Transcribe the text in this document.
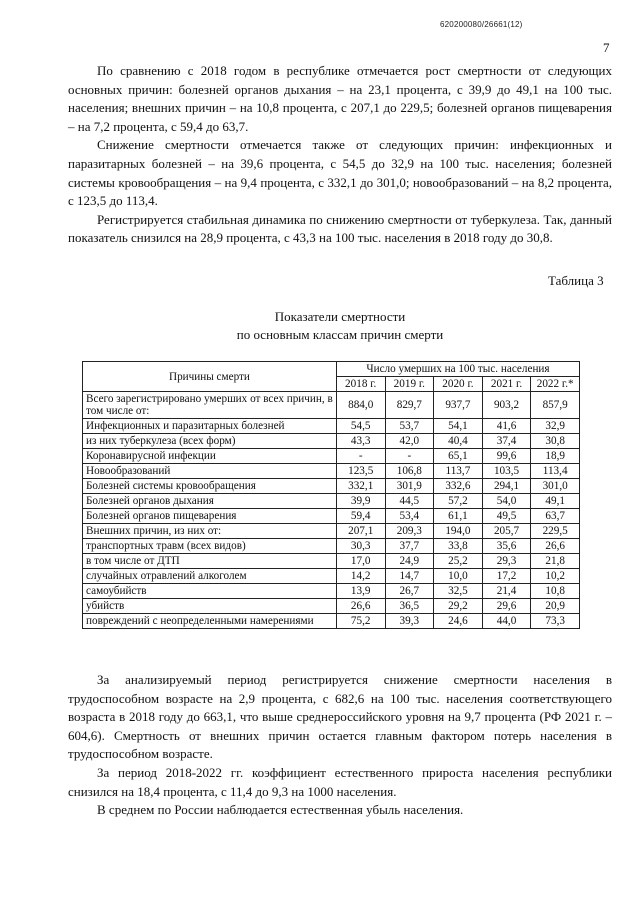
620200080/26661(12)
7

По сравнению с 2018 годом в республике отмечается рост смертности от следующих основных причин: болезней органов дыхания – на 23,1 процента, с 39,9 до 49,1 на 100 тыс. населения; внешних причин – на 10,8 процента, с 207,1 до 229,5; болезней органов пищеварения – на 7,2 процента, с 59,4 до 63,7.

Снижение смертности отмечается также от следующих причин: инфекционных и паразитарных болезней – на 39,6 процента, с 54,5 до 32,9 на 100 тыс. населения; болезней системы кровообращения – на 9,4 процента, с 332,1 до 301,0; новообразований – на 8,2 процента, с 123,5 до 113,4.

Регистрируется стабильная динамика по снижению смертности от туберкулеза. Так, данный показатель снизился на 28,9 процента, с 43,3 на 100 тыс. населения в 2018 году до 30,8.

Таблица 3
Показатели смертности
по основным классам причин смерти
Причины смерти	Число умерших на 100 тыс. населения				
	2018 г.	2019 г.	2020 г.	2021 г.	2022 г.*
Всего зарегистрировано умерших от всех причин, в том числе от:	884,0	829,7	937,7	903,2	857,9
Инфекционных и паразитарных болезней	54,5	53,7	54,1	41,6	32,9
из них туберкулеза (всех форм)	43,3	42,0	40,4	37,4	30,8
Коронавирусной инфекции	-	-	65,1	99,6	18,9
Новообразований	123,5	106,8	113,7	103,5	113,4
Болезней системы кровообращения	332,1	301,9	332,6	294,1	301,0
Болезней органов дыхания	39,9	44,5	57,2	54,0	49,1
Болезней органов пищеварения	59,4	53,4	61,1	49,5	63,7
Внешних причин, из них от:	207,1	209,3	194,0	205,7	229,5
транспортных травм (всех видов)	30,3	37,7	33,8	35,6	26,6
в том числе от ДТП	17,0	24,9	25,2	29,3	21,8
случайных отравлений алкоголем	14,2	14,7	10,0	17,2	10,2
самоубийств	13,9	26,7	32,5	21,4	10,8
убийств	26,6	36,5	29,2	29,6	20,9
повреждений с неопределенными намерениями	75,2	39,3	24,6	44,0	73,3

За анализируемый период регистрируется снижение смертности населения в трудоспособном возрасте на 2,9 процента, с 682,6 на 100 тыс. населения соответствующего возраста в 2018 году до 663,1, что выше среднероссийского уровня на 9,7 процента (РФ 2021 г. – 604,6). Смертность от внешних причин остается главным фактором потерь населения в трудоспособном возрасте.

За период 2018-2022 гг. коэффициент естественного прироста населения республики снизился на 18,4 процента, с 11,4 до 9,3 на 1000 населения.

В среднем по России наблюдается естественная убыль населения.
